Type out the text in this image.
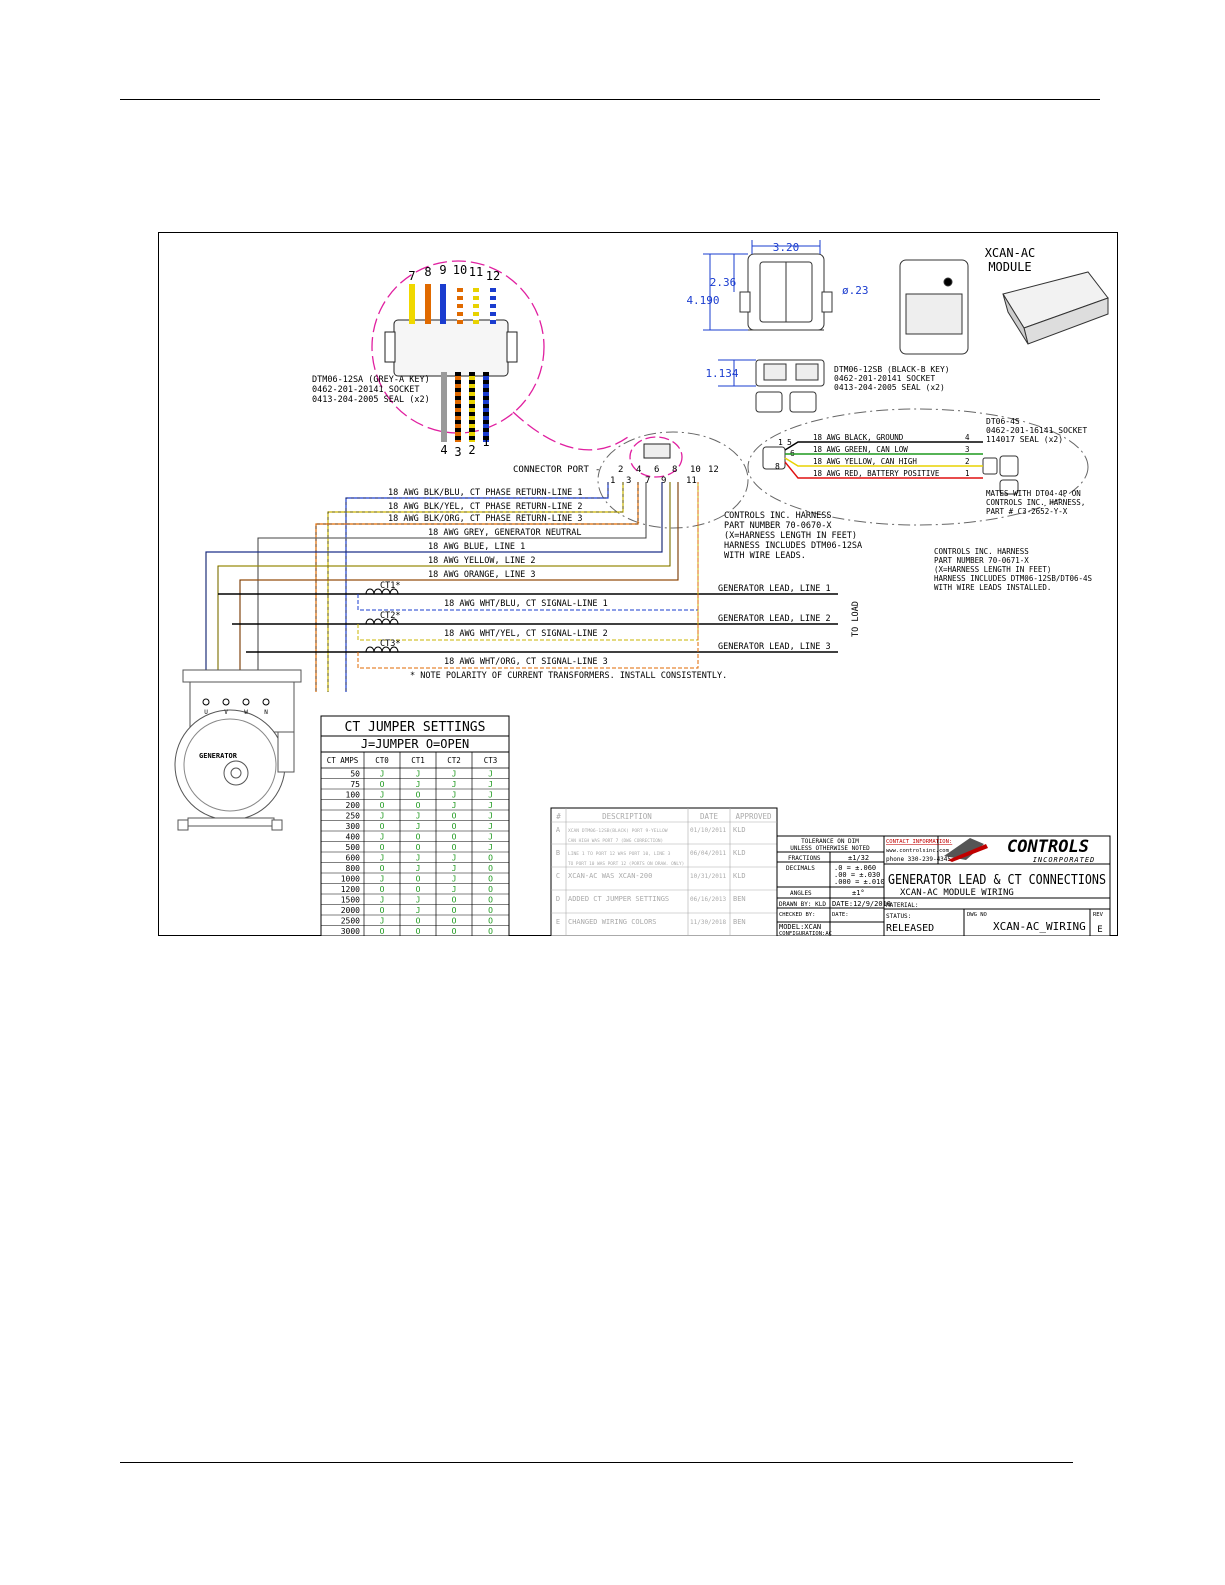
7 8 9 10 11 12
4 3 2
1
DTM06-12SA (GREY-A KEY)
0462-201-20141 SOCKET
0413-204-2005 SEAL (x2)
CONNECTOR PORT - 2 4 6 8 10 12
1 3 7 9 11
CONTROLS INC. HARNESS
PART NUMBER 70-0670-X
(X=HARNESS LENGTH IN FEET)
HARNESS INCLUDES DTM06-12SA
WITH WIRE LEADS.
18 AWG BLK/BLU, CT PHASE RETURN-LINE 1
18 AWG BLK/YEL, CT PHASE RETURN-LINE 2
18 AWG BLK/ORG, CT PHASE RETURN-LINE 3
18 AWG GREY, GENERATOR NEUTRAL
18 AWG BLUE, LINE 1
18 AWG YELLOW, LINE 2
18 AWG ORANGE, LINE 3
CT1*
18 AWG WHT/BLU, CT SIGNAL-LINE 1
GENERATOR LEAD, LINE 1
CT2*
18 AWG WHT/YEL, CT SIGNAL-LINE 2
GENERATOR LEAD, LINE 2
CT3*
18 AWG WHT/ORG, CT SIGNAL-LINE 3
GENERATOR LEAD, LINE 3
TO LOAD
* NOTE POLARITY OF CURRENT TRANSFORMERS. INSTALL CONSISTENTLY.
GENERATOR
U	V	W	N
3.20
2.36
4.190
ø.23
1.134	DTM06-12SB (BLACK-B KEY)
0462-201-20141 SOCKET
0413-204-2005 SEAL (x2)
XCAN-AC
MODULE
DT06-4S
0462-201-16141 SOCKET
114017 SEAL (x2)
1 5
6
8
18 AWG BLACK, GROUND	4
18 AWG GREEN, CAN LOW	3
18 AWG YELLOW, CAN HIGH	2
18 AWG RED, BATTERY POSITIVE	1
MATES WITH DT04-4P ON
CONTROLS INC. HARNESS,
PART # C3-2652-Y-X
CONTROLS INC. HARNESS
PART NUMBER 70-0671-X
(X=HARNESS LENGTH IN FEET)
HARNESS INCLUDES DTM06-12SB/DT06-4S
WITH WIRE LEADS INSTALLED.
CT JUMPER SETTINGS
J=JUMPER O=OPEN
CT AMPS CT0	CT1	CT2	CT3
50 J	J	J	J
75 O	J	J	J
100 J	O	J	J
200 O	O	J	J
250 J	J	O	J
300 O	J	O	J
400 J	O	O	J
500 O	O	O	J
600 J	J	J	O
800 O	J	J	O
1000 J	O	J	O
1200 O	O	J	O
1500 J	J	O	O
2000 O	J	O	O
2500 J	O	O	O
3000 O	O	O	O
#	DESCRIPTION	DATE APPROVED
A XCAN DTM06-12SB(BLACK) PORT 9-YELLOW
CAN HIGH WAS PORT 7 (DWG CORRECTION)
01/10/2011 KLD
B LINE 1 TO PORT 12 WAS PORT 10, LINE 3
TO PORT 10 WAS PORT 12 (PORTS ON DRAW. ONLY)
06/04/2011 KLD
C XCAN-AC WAS XCAN-200	10/31/2011 KLD
D ADDED CT JUMPER SETTINGS	06/16/2013 BEN
E CHANGED WIRING COLORS	11/30/2018 BEN
TOLERANCE ON DIM
UNLESS OTHERWISE NOTED
FRACTIONS	±1/32
DECIMALS	.0 = ±.060
.00 = ±.030
.000 = ±.010
ANGLES	±1°
DRAWN BY: KLD DATE:12/9/2010
CHECKED BY:	DATE:
MODEL:XCAN
CONFIGURATION:AC
CONTACT INFORMATION:
www.controlsinc.com
phone 330-239-4345
CONTROLS
INCORPORATED
GENERATOR LEAD & CT CONNECTIONS
XCAN-AC MODULE WIRING
MATERIAL:
STATUS:
RELEASED
DWG NO
XCAN-AC_WIRING
REV
E
